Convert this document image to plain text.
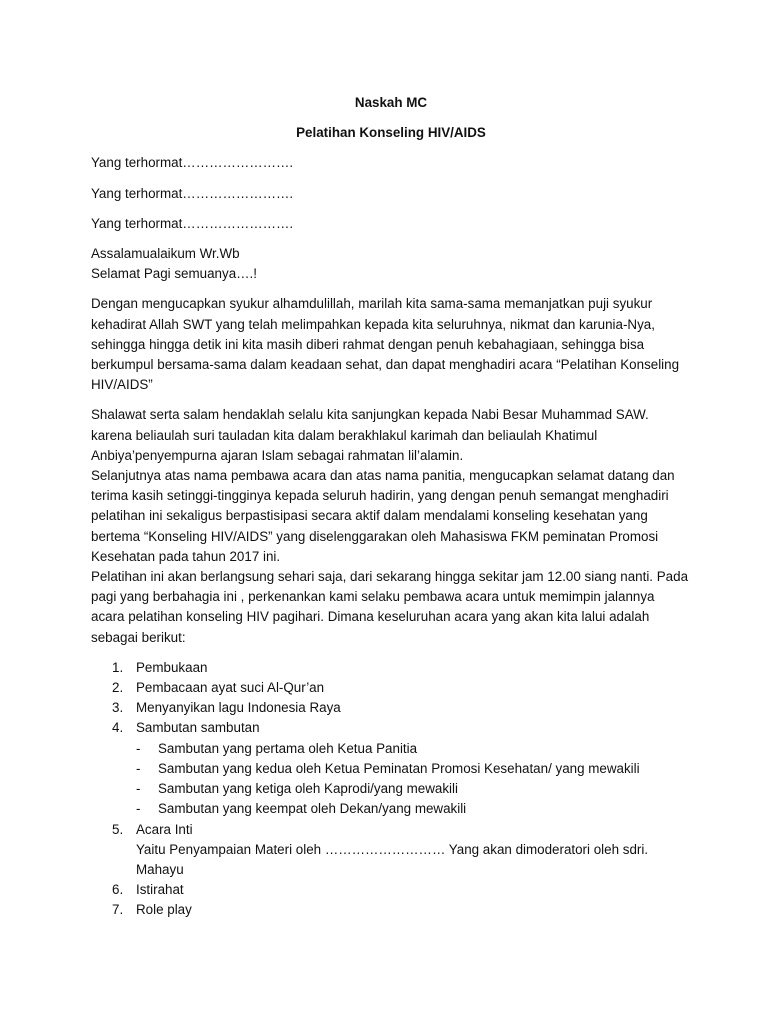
Naskah MC

Pelatihan Konseling HIV/AIDS

Yang terhormat…………………….

Yang terhormat…………………….

Yang terhormat…………………….

Assalamualaikum Wr.Wb

Selamat Pagi semuanya….!

Dengan mengucapkan syukur alhamdulillah, marilah kita sama-sama memanjatkan puji syukur kehadirat Allah SWT yang telah melimpahkan kepada kita seluruhnya, nikmat dan karunia-Nya, sehingga hingga detik ini kita masih diberi rahmat dengan penuh kebahagiaan, sehingga bisa berkumpul bersama-sama dalam keadaan sehat, dan dapat menghadiri acara “Pelatihan Konseling HIV/AIDS”

Shalawat serta salam hendaklah selalu kita sanjungkan kepada Nabi Besar Muhammad SAW. karena beliaulah suri tauladan kita dalam berakhlakul karimah dan beliaulah Khatimul Anbiya’penyempurna ajaran Islam sebagai rahmatan lil’alamin.

Selanjutnya atas nama pembawa acara dan atas nama panitia, mengucapkan selamat datang dan terima kasih setinggi-tingginya kepada seluruh hadirin, yang dengan penuh semangat menghadiri pelatihan ini sekaligus berpastisipasi secara aktif dalam mendalami konseling kesehatan yang bertema “Konseling HIV/AIDS” yang diselenggarakan oleh Mahasiswa FKM peminatan Promosi Kesehatan pada tahun 2017 ini.

Pelatihan ini akan berlangsung sehari saja, dari sekarang hingga sekitar jam 12.00 siang nanti. Pada pagi yang berbahagia ini , perkenankan kami selaku pembawa acara untuk memimpin jalannya acara pelatihan konseling HIV pagihari. Dimana keseluruhan acara yang akan kita lalui adalah sebagai berikut:

1. Pembukaan
2. Pembacaan ayat suci Al-Qur’an
3. Menyanyikan lagu Indonesia Raya
4. Sambutan sambutan
- Sambutan yang pertama oleh Ketua Panitia
- Sambutan yang kedua oleh Ketua Peminatan Promosi Kesehatan/ yang mewakili
- Sambutan yang ketiga oleh Kaprodi/yang mewakili
- Sambutan yang keempat oleh Dekan/yang mewakili
5. Acara Inti

Yaitu Penyampaian Materi oleh ……………………… Yang akan dimoderatori oleh sdri. Mahayu

6. Istirahat
7. Role play
